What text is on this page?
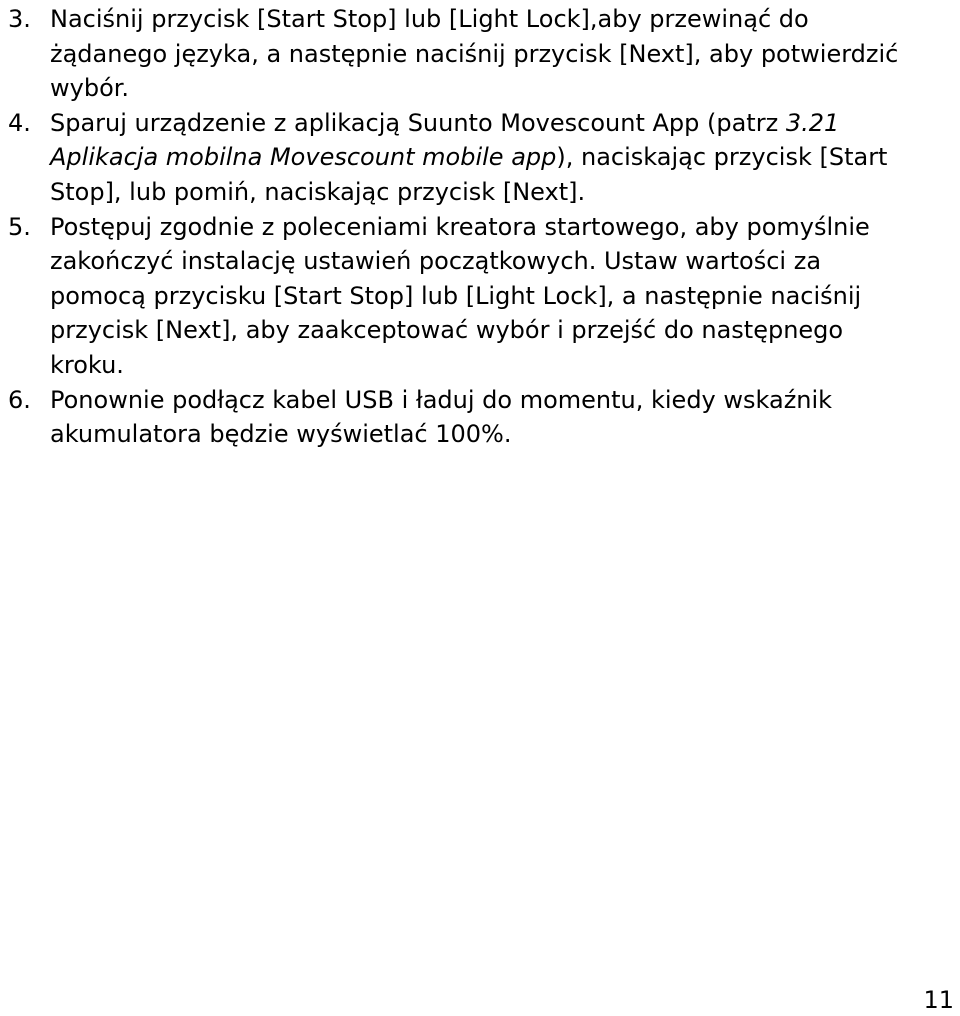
3. Naciśnij przycisk [Start Stop] lub [Light Lock],aby przewinąć do żądanego języka, a następnie naciśnij przycisk [Next], aby potwierdzić wybór.
4. Sparuj urządzenie z aplikacją Suunto Movescount App (patrz 3.21 Aplikacja mobilna Movescount mobile app), naciskając przycisk [Start Stop], lub pomiń, naciskając przycisk [Next].
5. Postępuj zgodnie z poleceniami kreatora startowego, aby pomyślnie zakończyć instalację ustawień początkowych. Ustaw wartości za pomocą przycisku [Start Stop] lub [Light Lock], a następnie naciśnij przycisk [Next], aby zaakceptować wybór i przejść do następnego kroku.
6. Ponownie podłącz kabel USB i ładuj do momentu, kiedy wskaźnik akumulatora będzie wyświetlać 100%.
11
